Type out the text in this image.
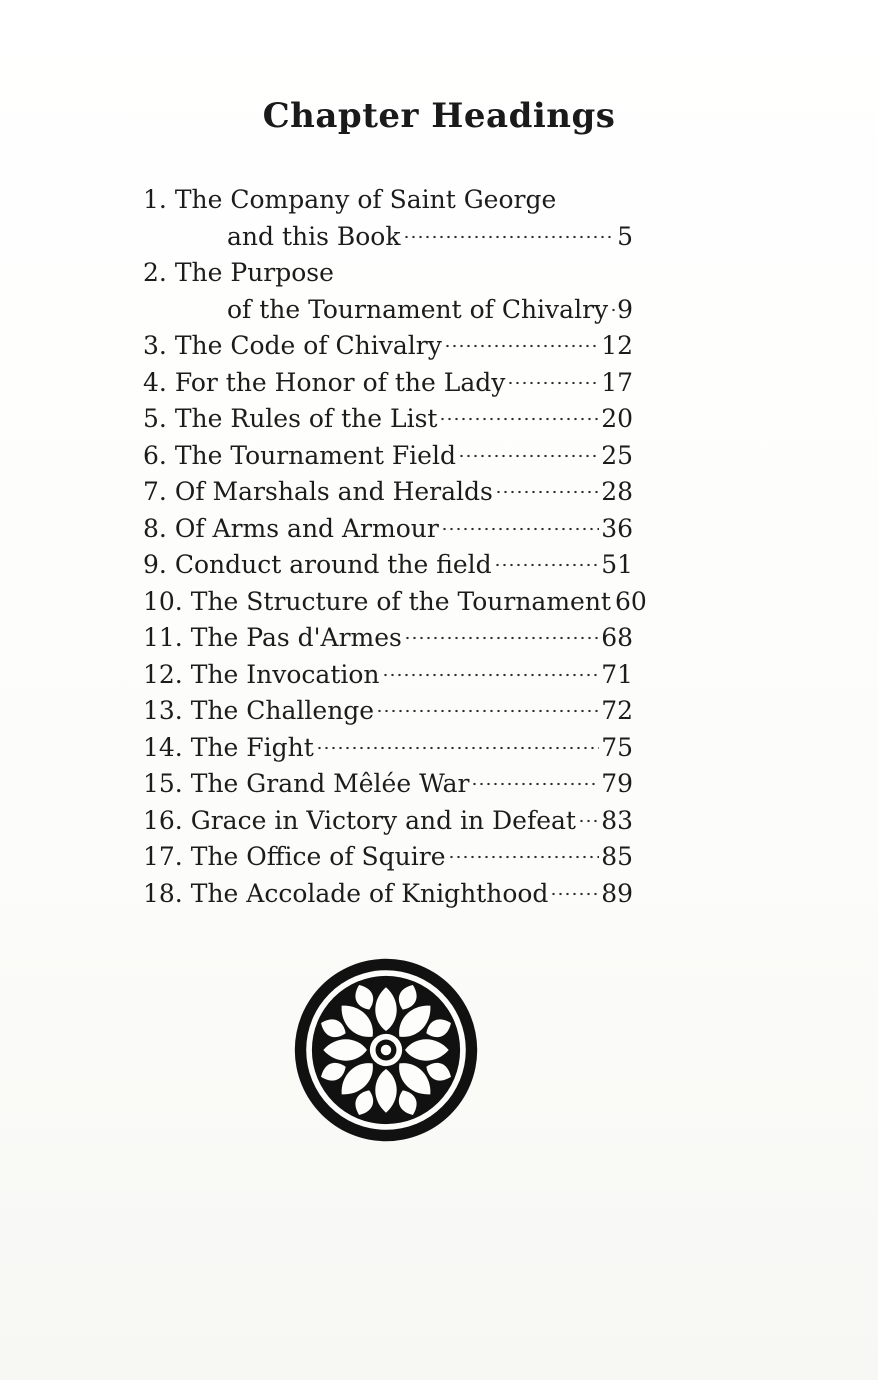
Chapter Headings
1. The Company of Saint George
and this Book	5
2. The Purpose
of the Tournament of Chivalry 9
3. The Code of Chivalry	12
4. For the Honor of the Lady	17
5. The Rules of the List	20
6. The Tournament Field	25
7. Of Marshals and Heralds	28
8. Of Arms and Armour	36
9. Conduct around the field	51
10. The Structure of the Tournament 60
11. The Pas d'Armes	68
12. The Invocation	71
13. The Challenge	72
14. The Fight	75
15. The Grand Mêlée War	79
16. Grace in Victory and in Defeat 83
17. The Office of Squire	85
18. The Accolade of Knighthood 89
